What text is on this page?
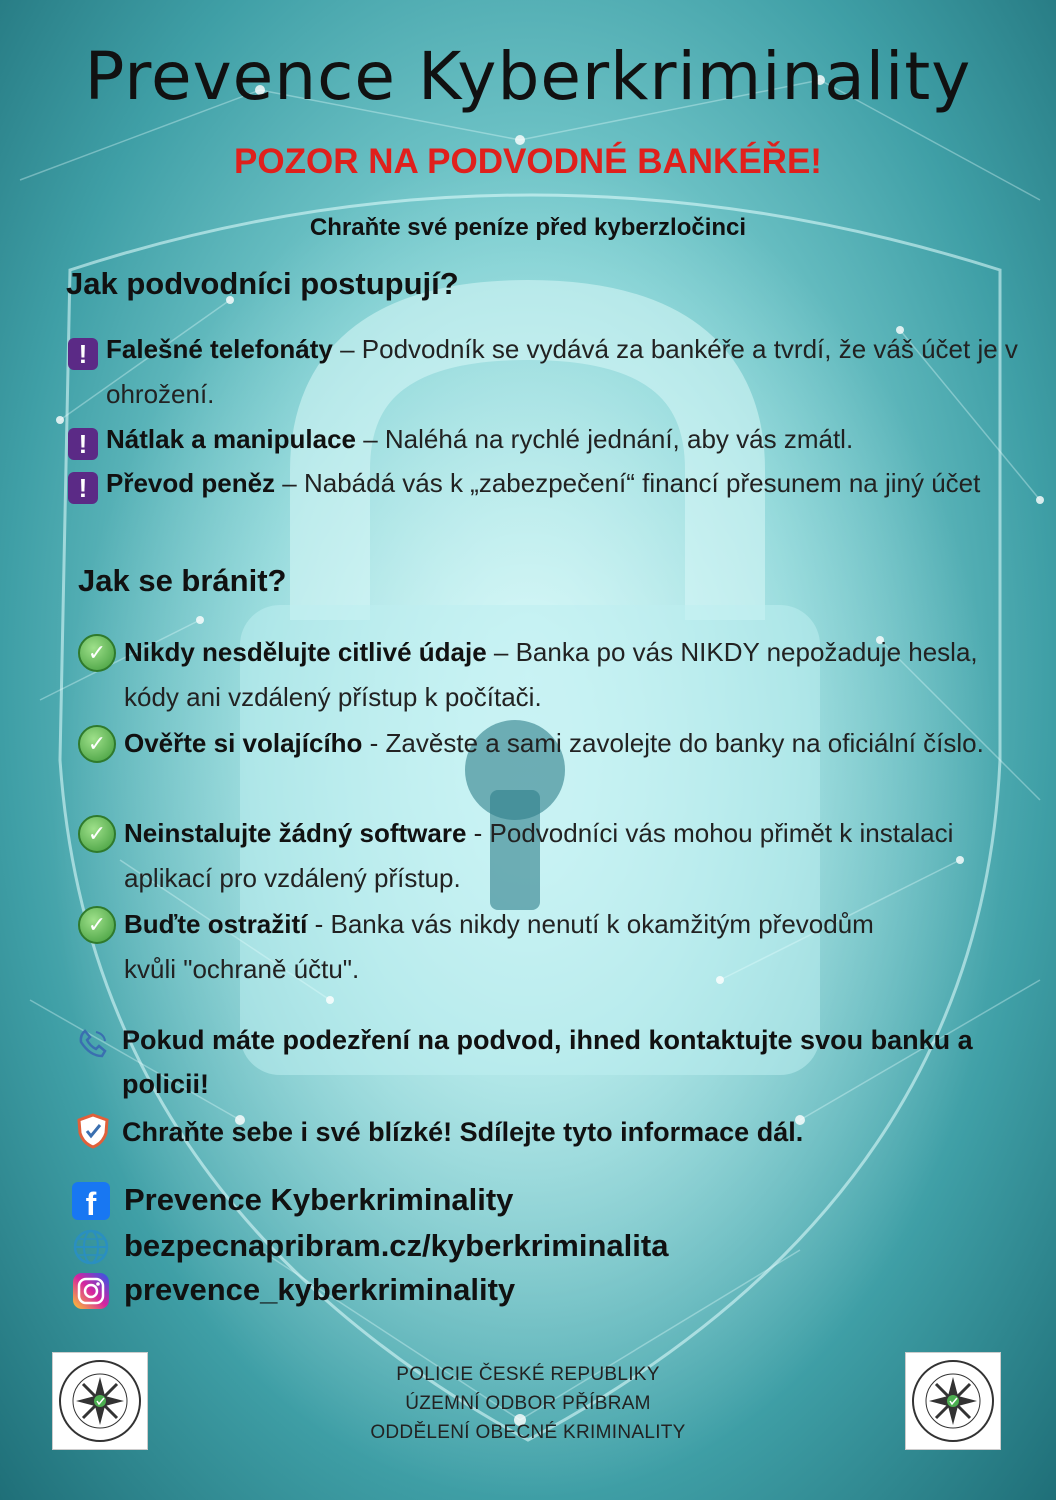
Prevence Kyberkriminality
POZOR NA PODVODNÉ BANKÉŘE!
Chraňte své peníze před kyberzločinci
Jak podvodníci postupují?
! Falešné telefonáty – Podvodník se vydává za bankéře a tvrdí, že váš účet je v ohrožení.
! Nátlak a manipulace – Naléhá na rychlé jednání, aby vás zmátl.
! Převod peněz – Nabádá vás k „zabezpečení“ financí přesunem na jiný účet
Jak se bránit?
✓ Nikdy nesdělujte citlivé údaje – Banka po vás NIKDY nepožaduje hesla, kódy ani vzdálený přístup k počítači.
✓ Ověřte si volajícího - Zavěste a sami zavolejte do banky na oficiální číslo.
✓ Neinstalujte žádný software - Podvodníci vás mohou přimět k instalaci aplikací pro vzdálený přístup.
✓ Buďte ostražití - Banka vás nikdy nenutí k okamžitým převodům kvůli "ochraně účtu".
Pokud máte podezření na podvod, ihned kontaktujte svou banku a policii!
Chraňte sebe i své blízké! Sdílejte tyto informace dál.
f Prevence Kyberkriminality
bezpecnapribram.cz/kyberkriminalita
prevence_kyberkriminality
POLICIE ČESKÉ REPUBLIKY
ÚZEMNÍ ODBOR PŘÍBRAM
ODDĚLENÍ OBECNÉ KRIMINALITY
